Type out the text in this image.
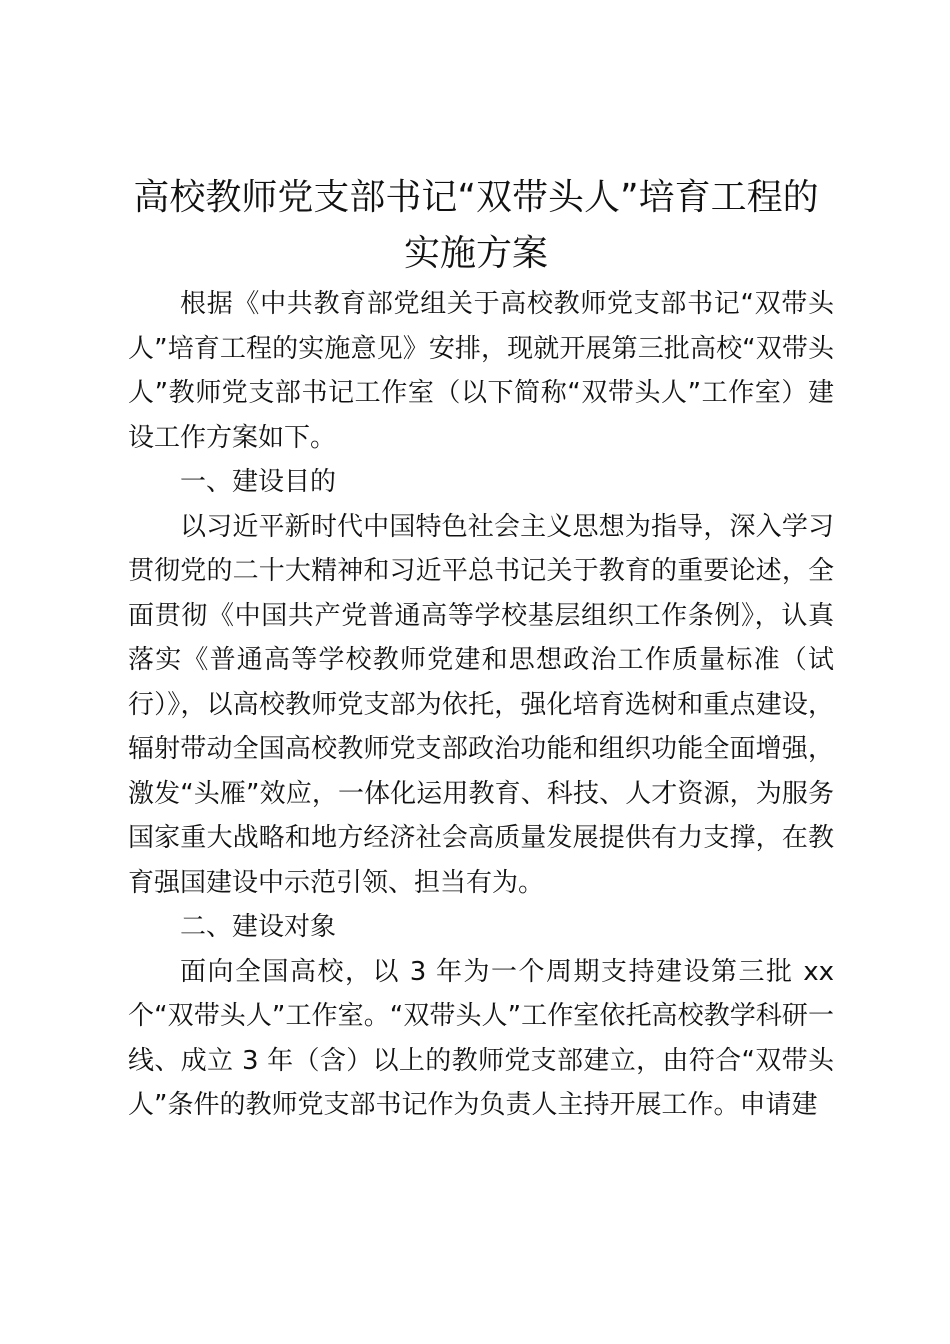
高校教师党支部书记“双带头人”培育工程的实施方案

根据《中共教育部党组关于高校教师党支部书记“双带头人”培育工程的实施意见》安排，现就开展第三批高校“双带头人”教师党支部书记工作室（以下简称“双带头人”工作室）建设工作方案如下。

一、建设目的

以习近平新时代中国特色社会主义思想为指导，深入学习贯彻党的二十大精神和习近平总书记关于教育的重要论述，全面贯彻《中国共产党普通高等学校基层组织工作条例》，认真落实《普通高等学校教师党建和思想政治工作质量标准（试行）》，以高校教师党支部为依托，强化培育选树和重点建设，辐射带动全国高校教师党支部政治功能和组织功能全面增强，激发“头雁”效应，一体化运用教育、科技、人才资源，为服务国家重大战略和地方经济社会高质量发展提供有力支撑，在教育强国建设中示范引领、担当有为。

二、建设对象

面向全国高校，以 3 年为一个周期支持建设第三批 xx 个“双带头人”工作室。“双带头人”工作室依托高校教学科研一线、成立 3 年（含）以上的教师党支部建立，由符合“双带头人”条件的教师党支部书记作为负责人主持开展工作。申请建
